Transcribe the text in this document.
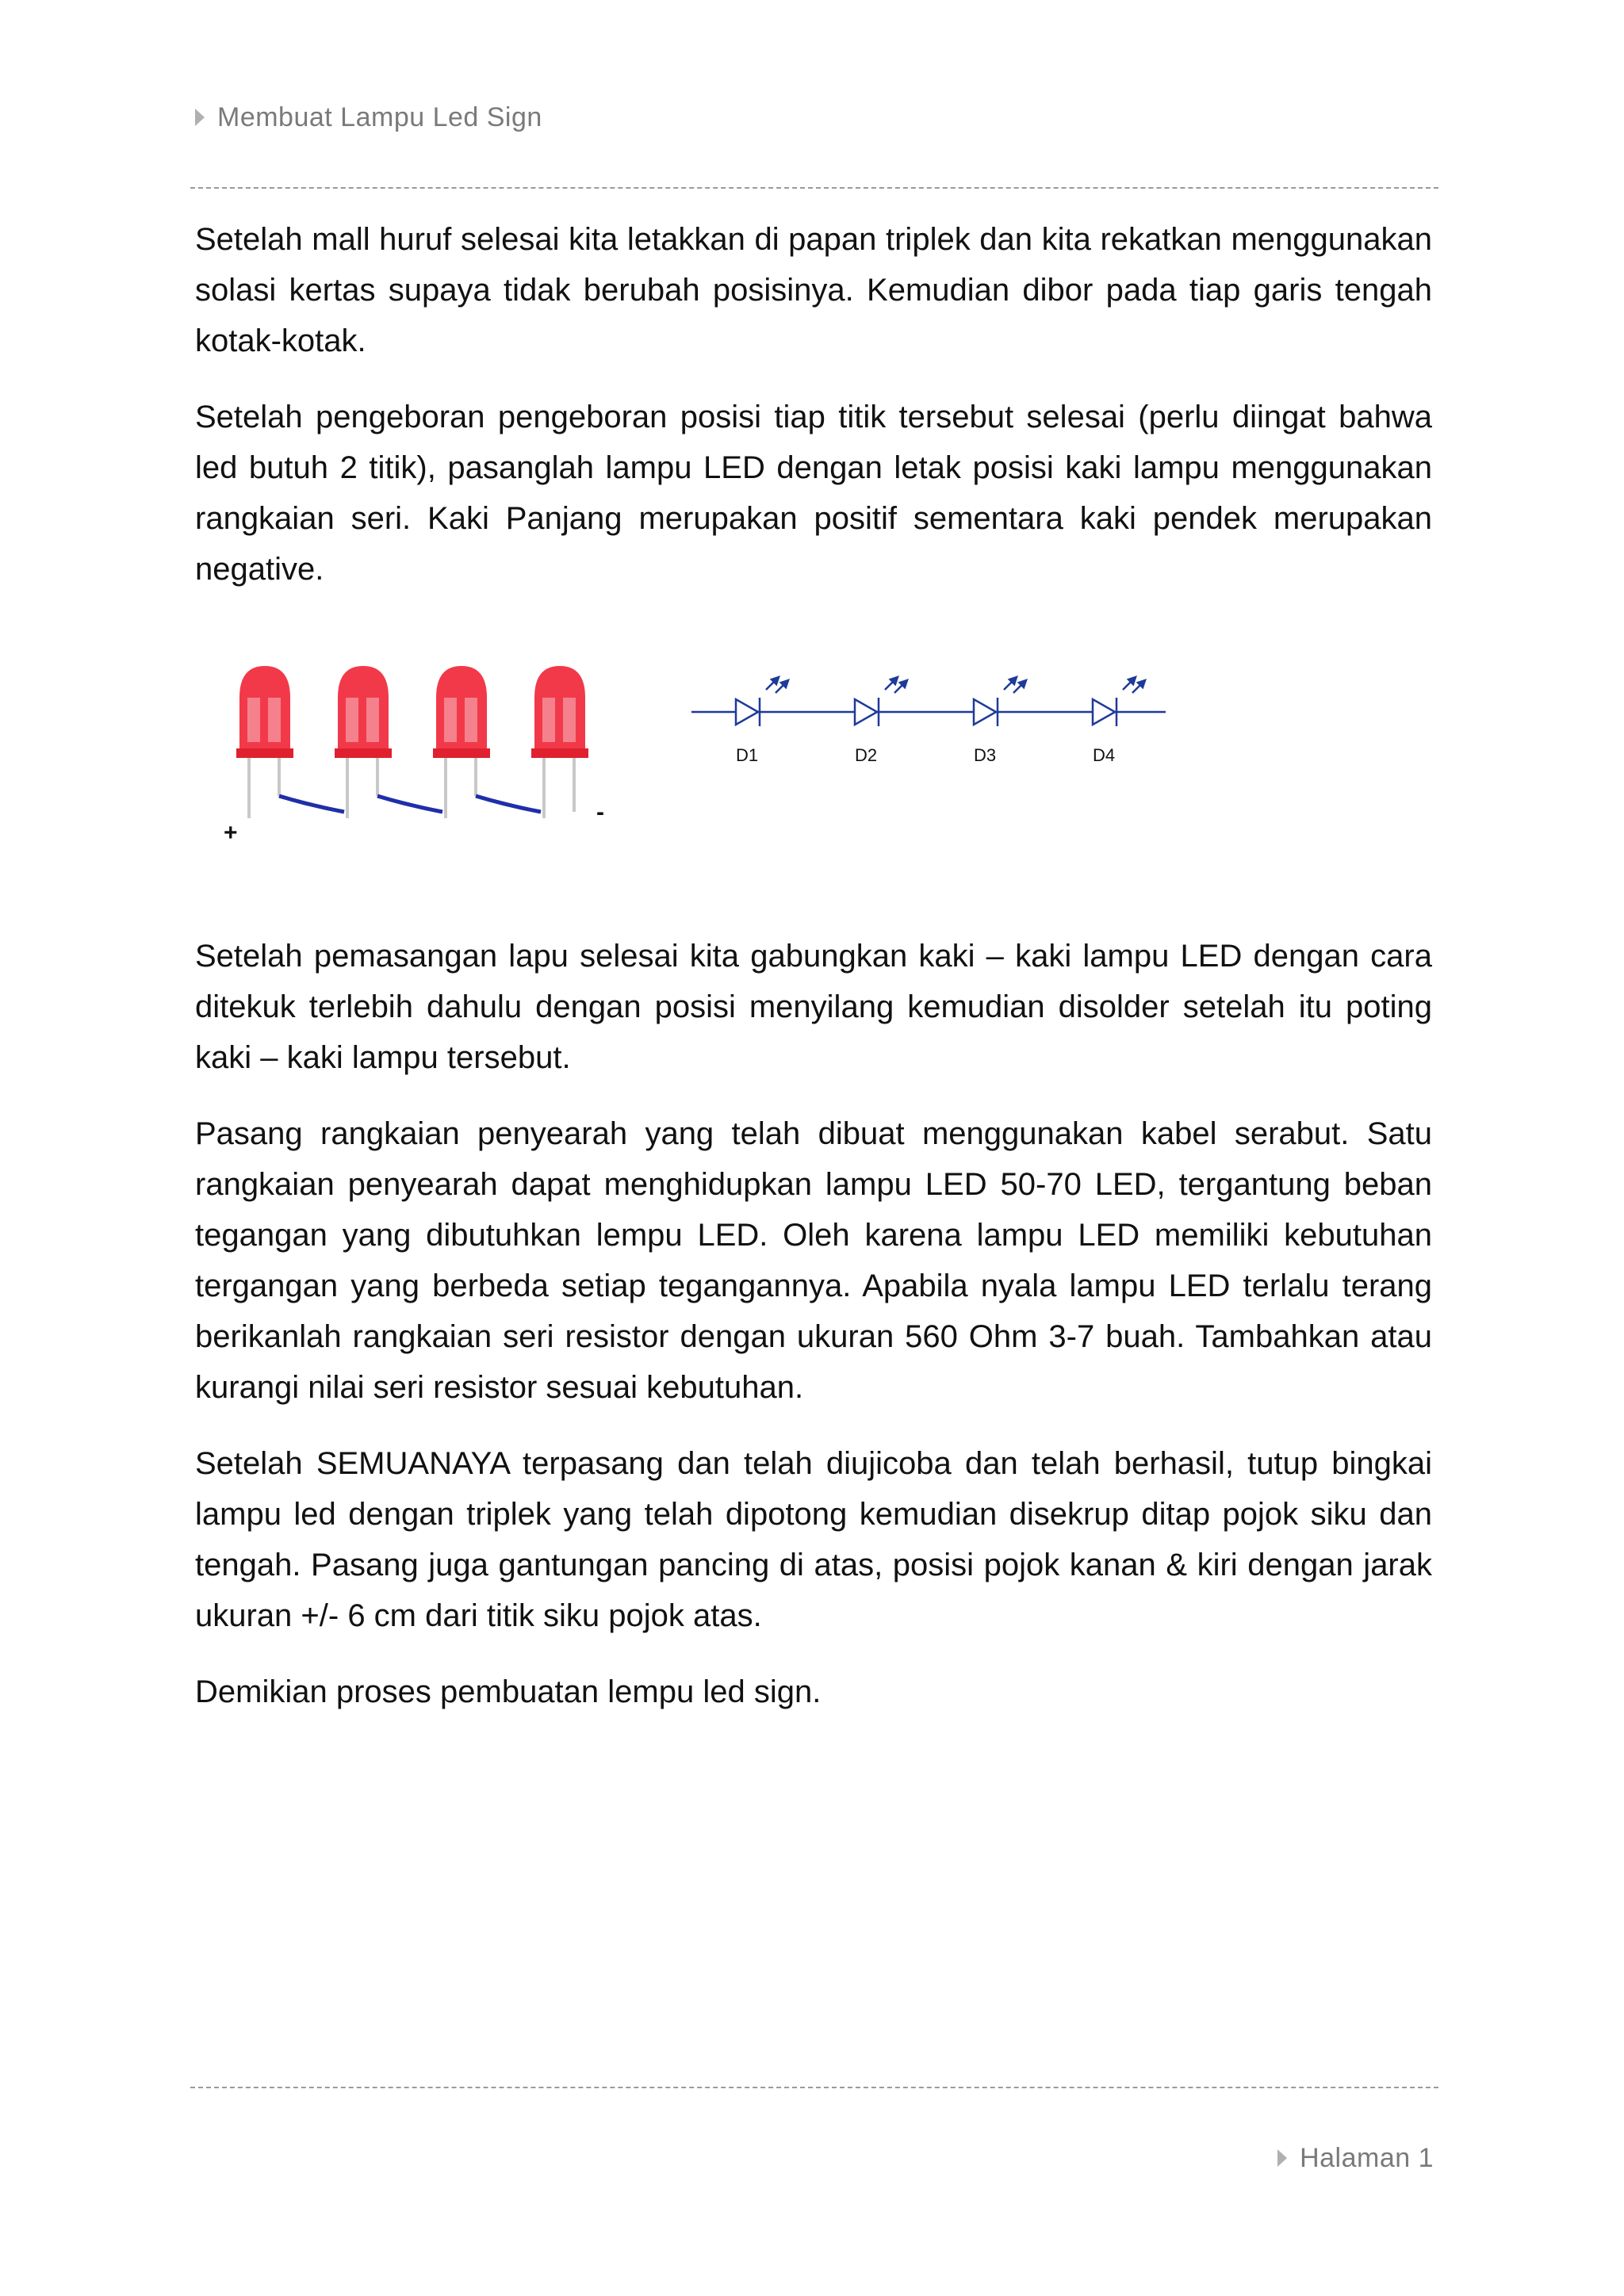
Membuat Lampu Led Sign

Setelah mall huruf selesai kita letakkan di papan triplek dan kita rekatkan menggunakan solasi kertas supaya tidak berubah posisinya. Kemudian dibor pada tiap garis tengah kotak-kotak.

Setelah pengeboran pengeboran posisi tiap titik tersebut selesai (perlu diingat bahwa led butuh 2 titik), pasanglah lampu LED dengan letak posisi kaki lampu menggunakan rangkaian seri. Kaki Panjang merupakan positif sementara kaki pendek merupakan negative.

+
-
D1	D2	D3	D4

Setelah pemasangan lapu selesai kita gabungkan kaki – kaki lampu LED dengan cara ditekuk terlebih dahulu dengan posisi menyilang kemudian disolder setelah itu poting kaki – kaki lampu tersebut.

Pasang rangkaian penyearah yang telah dibuat menggunakan kabel serabut. Satu rangkaian penyearah dapat menghidupkan lampu LED 50-70 LED, tergantung beban tegangan yang dibutuhkan lempu LED. Oleh karena lampu LED memiliki kebutuhan tergangan yang berbeda setiap tegangannya. Apabila nyala lampu LED terlalu terang berikanlah rangkaian seri resistor dengan ukuran 560 Ohm 3-7 buah. Tambahkan atau kurangi nilai seri resistor sesuai kebutuhan.

Setelah SEMUANAYA terpasang dan telah diujicoba dan telah berhasil, tutup bingkai lampu led dengan triplek yang telah dipotong kemudian disekrup ditap pojok siku dan tengah. Pasang juga gantungan pancing di atas, posisi pojok kanan & kiri dengan jarak ukuran +/- 6 cm dari titik siku pojok atas.

Demikian proses pembuatan lempu led sign.

Halaman 1
